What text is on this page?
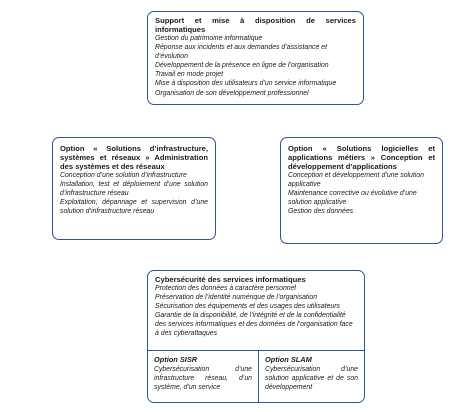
Support et mise à disposition de services informatiques

Gestion du patrimoine informatique

Réponse aux incidents et aux demandes d’assistance et d’évolution

Développement de la présence en ligne de l’organisation

Travail en mode projet

Mise à disposition des utilisateurs d’un service informatique

Organisation de son développement professionnel

Option « Solutions d’infrastructure, systèmes et réseaux » Administration des systèmes et des réseaux

Conception d’une solution d’infrastructure

Installation, test et déploiement d’une solution d’infrastructure réseau

Exploitation, dépannage et supervision d’une solution d’infrastructure réseau

Option « Solutions logicielles et applications métiers » Conception et développement d’applications

Conception et développement d’une solution applicative

Maintenance corrective ou évolutive d’une solution applicative

Gestion des données

Cybersécurité des services informatiques

Protection des données à caractère personnel

Préservation de l’identité numérique de l’organisation

Sécurisation des équipements et des usages des utilisateurs

Garantie de la disponibilité, de l’intégrité et de la confidentialité des services informatiques et des données de l’organisation face à des cyberattaques

Option SISR

Cybersécurisation d’une infrastructure réseau, d’un système, d’un service

Option SLAM

Cybersécurisation d’une solution applicative et de son développement
